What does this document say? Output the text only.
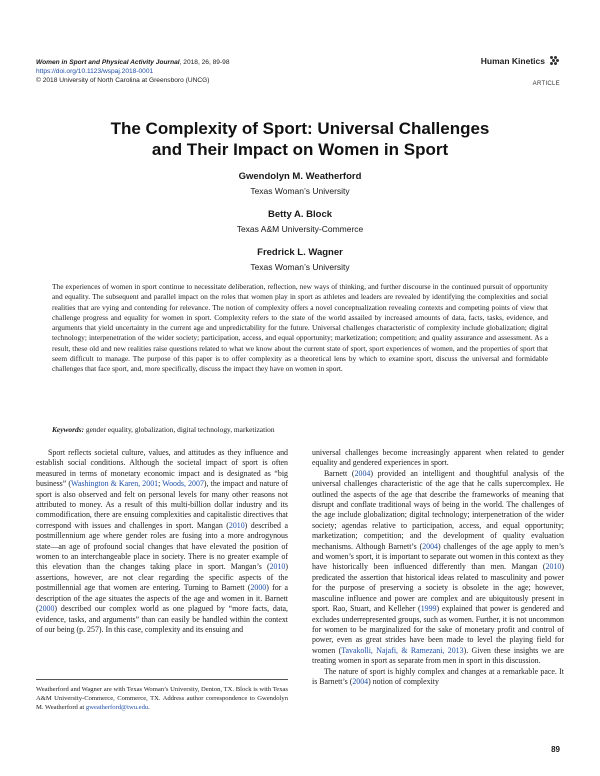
Women in Sport and Physical Activity Journal, 2018, 26, 89-98
https://doi.org/10.1123/wspaj.2018-0001
© 2018 University of North Carolina at Greensboro (UNCG)
Human Kinetics
ARTICLE
The Complexity of Sport: Universal Challenges
and Their Impact on Women in Sport
Gwendolyn M. Weatherford
Texas Woman’s University
Betty A. Block
Texas A&M University-Commerce
Fredrick L. Wagner
Texas Woman’s University
The experiences of women in sport continue to necessitate deliberation, reflection, new ways of thinking, and further discourse in the continued pursuit of opportunity and equality. The subsequent and parallel impact on the roles that women play in sport as athletes and leaders are revealed by identifying the complexities and social realities that are vying and contending for relevance. The notion of complexity offers a novel conceptualization revealing contexts and competing points of view that challenge progress and equality for women in sport. Complexity refers to the state of the world assailed by increased amounts of data, facts, tasks, evidence, and arguments that yield uncertainty in the current age and unpredictability for the future. Universal challenges characteristic of complexity include globalization; digital technology; interpenetration of the wider society; participation, access, and equal opportunity; marketization; competition; and quality assurance and assessment. As a result, these old and new realities raise questions related to what we know about the current state of sport, sport experiences of women, and the properties of sport that seem difficult to manage. The purpose of this paper is to offer complexity as a theoretical lens by which to examine sport, discuss the universal and formidable challenges that face sport, and, more specifically, discuss the impact they have on women in sport.
Keywords: gender equality, globalization, digital technology, marketization

Sport reflects societal culture, values, and attitudes as they influence and establish social conditions. Although the societal impact of sport is often measured in terms of monetary economic impact and is designated as “big business” (Washington & Karen, 2001; Woods, 2007), the impact and nature of sport is also observed and felt on personal levels for many other reasons not attributed to money. As a result of this multi-billion dollar industry and its commodification, there are ensuing complexities and capitalistic directives that correspond with issues and challenges in sport. Mangan (2010) described a postmillennium age where gender roles are fusing into a more androgynous state—an age of profound social changes that have elevated the position of women to an interchangeable place in society. There is no greater example of this elevation than the changes taking place in sport. Mangan’s (2010) assertions, however, are not clear regarding the specific aspects of the postmillennial age that women are entering. Turning to Barnett (2000) for a description of the age situates the aspects of the age and women in it. Barnett (2000) described our complex world as one plagued by “more facts, data, evidence, tasks, and arguments” than can easily be handled within the context of our being (p. 257). In this case, complexity and its ensuing and

universal challenges become increasingly apparent when related to gender equality and gendered experiences in sport.

Barnett (2004) provided an intelligent and thoughtful analysis of the universal challenges characteristic of the age that he calls supercomplex. He outlined the aspects of the age that describe the frameworks of meaning that disrupt and conflate traditional ways of being in the world. The challenges of the age include globalization; digital technology; interpenetration of the wider society; agendas relative to participation, access, and equal opportunity; marketization; competition; and the development of quality evaluation mechanisms. Although Barnett’s (2004) challenges of the age apply to men’s and women’s sport, it is important to separate out women in this context as they have historically been influenced differently than men. Mangan (2010) predicated the assertion that historical ideas related to masculinity and power for the purpose of preserving a society is obsolete in the age; however, masculine influence and power are complex and are ubiquitously present in sport. Rao, Stuart, and Kelleher (1999) explained that power is gendered and excludes underrepresented groups, such as women. Further, it is not uncommon for women to be marginalized for the sake of monetary profit and control of power, even as great strides have been made to level the playing field for women (Tavakolli, Najafi, & Ramezani, 2013). Given these insights we are treating women in sport as separate from men in sport in this discussion.

The nature of sport is highly complex and changes at a remarkable pace. It is Barnett’s (2004) notion of complexity

Weatherford and Wagner are with Texas Woman’s University, Denton, TX. Block is with Texas A&M University-Commerce, Commerce, TX. Address author correspondence to Gwendolyn M. Weatherford at gweatherford@twu.edu.
89
